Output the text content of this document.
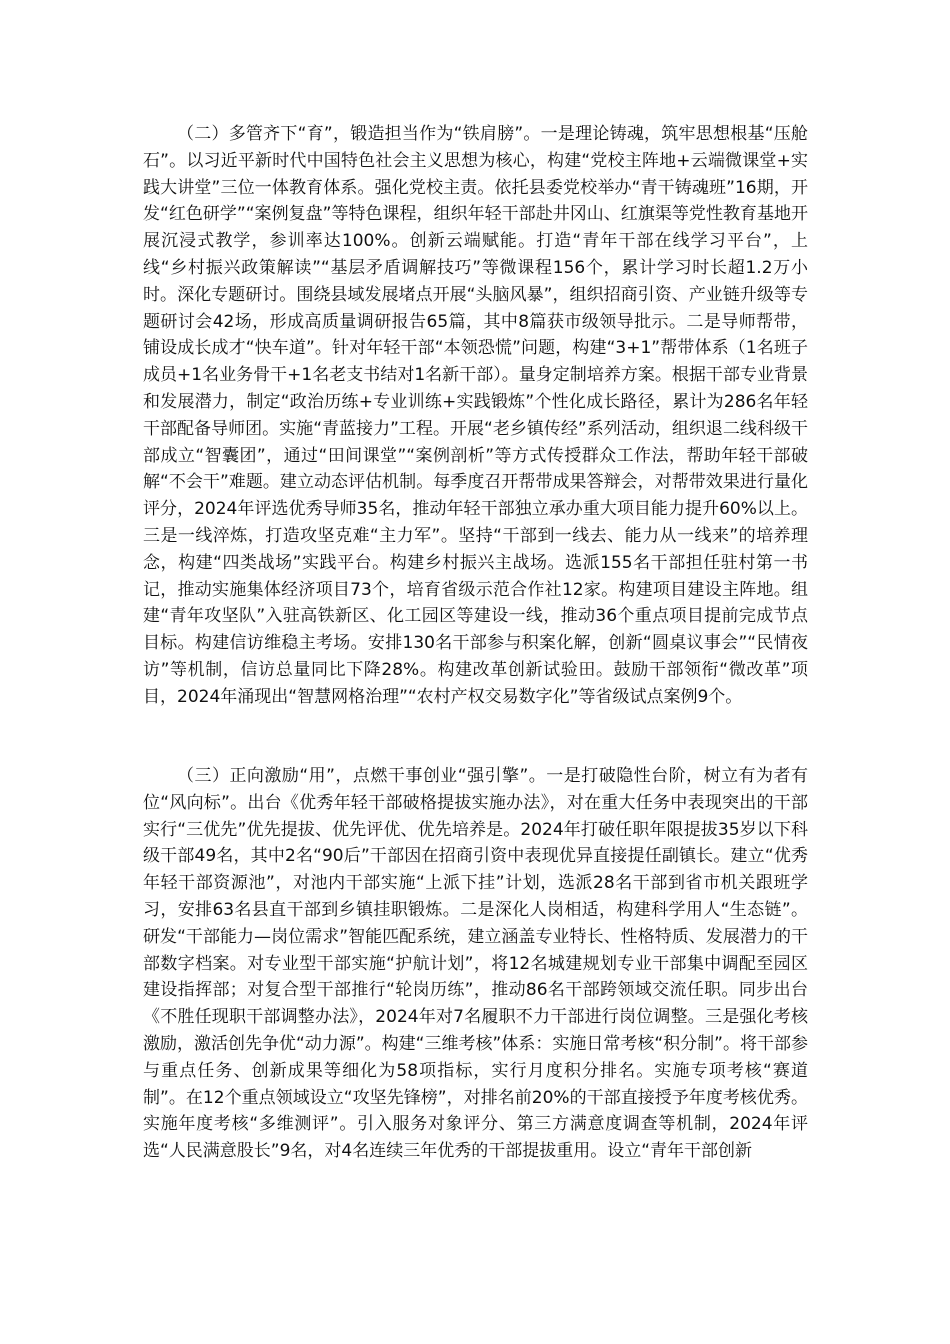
（二）多管齐下“育”，锻造担当作为“铁肩膀”。一是理论铸魂，筑牢思想根基“压舱石”。以习近平新时代中国特色社会主义思想为核心，构建“党校主阵地+云端微课堂+实践大讲堂”三位一体教育体系。强化党校主责。依托县委党校举办“青干铸魂班”16期，开发“红色研学”“案例复盘”等特色课程，组织年轻干部赴井冈山、红旗渠等党性教育基地开展沉浸式教学，参训率达100%。创新云端赋能。打造“青年干部在线学习平台”，上线“乡村振兴政策解读”“基层矛盾调解技巧”等微课程156个，累计学习时长超1.2万小时。深化专题研讨。围绕县域发展堵点开展“头脑风暴”，组织招商引资、产业链升级等专题研讨会42场，形成高质量调研报告65篇，其中8篇获市级领导批示。二是导师帮带，铺设成长成才“快车道”。针对年轻干部“本领恐慌”问题，构建“3+1”帮带体系（1名班子成员+1名业务骨干+1名老支书结对1名新干部）。量身定制培养方案。根据干部专业背景和发展潜力，制定“政治历练+专业训练+实践锻炼”个性化成长路径，累计为286名年轻干部配备导师团。实施“青蓝接力”工程。开展“老乡镇传经”系列活动，组织退二线科级干部成立“智囊团”，通过“田间课堂”“案例剖析”等方式传授群众工作法，帮助年轻干部破解“不会干”难题。建立动态评估机制。每季度召开帮带成果答辩会，对帮带效果进行量化评分，2024年评选优秀导师35名，推动年轻干部独立承办重大项目能力提升60%以上。三是一线淬炼，打造攻坚克难“主力军”。坚持“干部到一线去、能力从一线来”的培养理念，构建“四类战场”实践平台。构建乡村振兴主战场。选派155名干部担任驻村第一书记，推动实施集体经济项目73个，培育省级示范合作社12家。构建项目建设主阵地。组建“青年攻坚队”入驻高铁新区、化工园区等建设一线，推动36个重点项目提前完成节点目标。构建信访维稳主考场。安排130名干部参与积案化解，创新“圆桌议事会”“民情夜访”等机制，信访总量同比下降28%。构建改革创新试验田。鼓励干部领衔“微改革”项目，2024年涌现出“智慧网格治理”“农村产权交易数字化”等省级试点案例9个。

（三）正向激励“用”，点燃干事创业“强引擎”。一是打破隐性台阶，树立有为者有位“风向标”。出台《优秀年轻干部破格提拔实施办法》，对在重大任务中表现突出的干部实行“三优先”优先提拔、优先评优、优先培养是。2024年打破任职年限提拔35岁以下科级干部49名，其中2名“90后”干部因在招商引资中表现优异直接提任副镇长。建立“优秀年轻干部资源池”，对池内干部实施“上派下挂”计划，选派28名干部到省市机关跟班学习，安排63名县直干部到乡镇挂职锻炼。二是深化人岗相适，构建科学用人“生态链”。研发“干部能力—岗位需求”智能匹配系统，建立涵盖专业特长、性格特质、发展潜力的干部数字档案。对专业型干部实施“护航计划”，将12名城建规划专业干部集中调配至园区建设指挥部；对复合型干部推行“轮岗历练”，推动86名干部跨领域交流任职。同步出台《不胜任现职干部调整办法》，2024年对7名履职不力干部进行岗位调整。三是强化考核激励，激活创先争优“动力源”。构建“三维考核”体系：实施日常考核“积分制”。将干部参与重点任务、创新成果等细化为58项指标，实行月度积分排名。实施专项考核“赛道制”。在12个重点领域设立“攻坚先锋榜”，对排名前20%的干部直接授予年度考核优秀。实施年度考核“多维测评”。引入服务对象评分、第三方满意度调查等机制，2024年评选“人民满意股长”9名，对4名连续三年优秀的干部提拔重用。设立“青年干部创新
